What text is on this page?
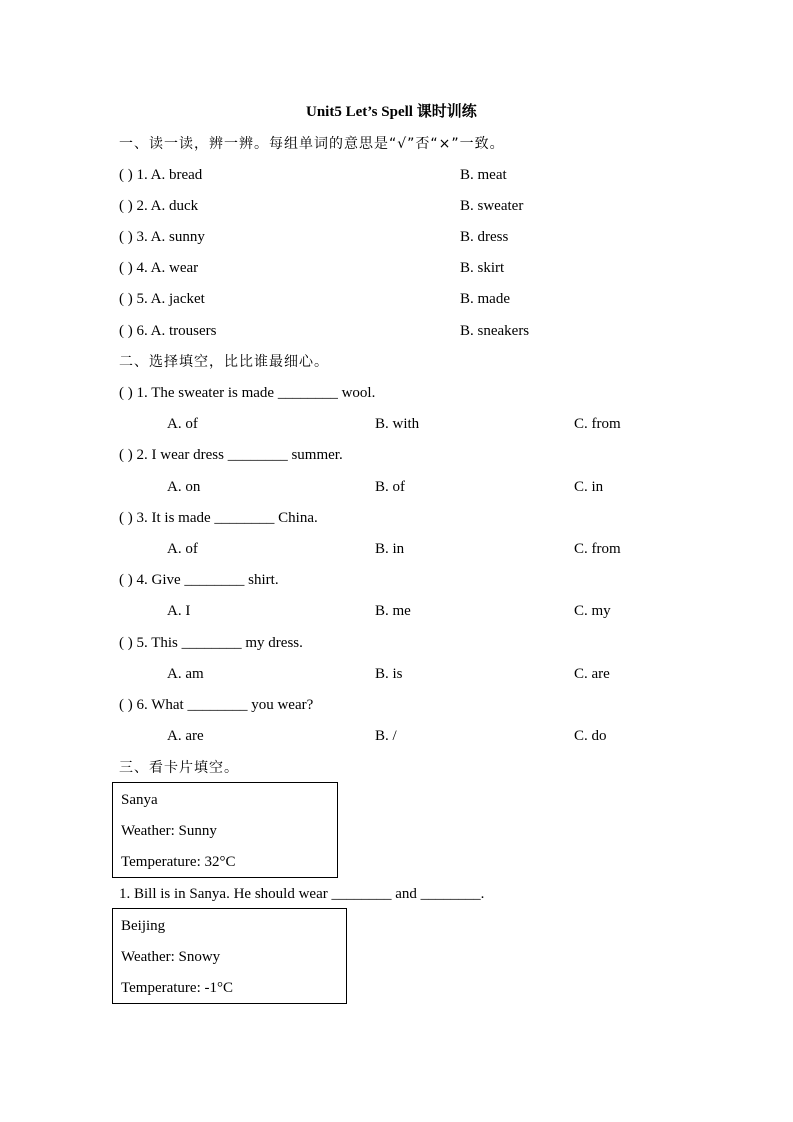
Unit5 Let’s Spell 课时训练
一、读一读，辨一辨。每组单词的意思是“√”否“×”一致。
( ) 1. A. bread	B. meat
( ) 2. A. duck	B. sweater
( ) 3. A. sunny	B. dress
( ) 4. A. wear	B. skirt
( ) 5. A. jacket	B. made
( ) 6. A. trousers	B. sneakers
二、选择填空，比比谁最细心。
( ) 1. The sweater is made ________ wool.
A. of	B. with	C. from
( ) 2. I wear dress ________ summer.
A. on	B. of	C. in
( ) 3. It is made ________ China.
A. of	B. in	C. from
( ) 4. Give ________ shirt.
A. I	B. me	C. my
( ) 5. This ________ my dress.
A. am	B. is	C. are
( ) 6. What ________ you wear?
A. are	B. /	C. do
三、看卡片填空。
Sanya
Weather: Sunny
Temperature: 32°C
1. Bill is in Sanya. He should wear ________ and ________.
Beijing
Weather: Snowy
Temperature: -1°C
